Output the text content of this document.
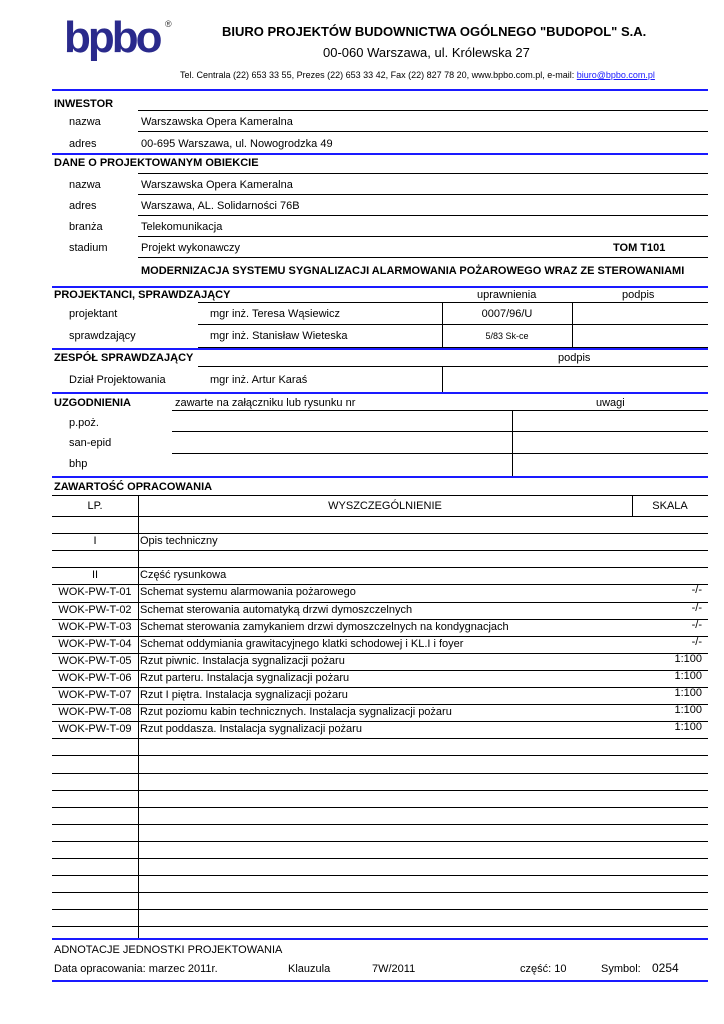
bpbo ®	BIURO PROJEKTÓW BUDOWNICTWA OGÓLNEGO "BUDOPOL" S.A.
00-060 Warszawa, ul. Królewska 27
Tel. Centrala (22) 653 33 55, Prezes (22) 653 33 42, Fax (22) 827 78 20, www.bpbo.com.pl, e-mail: biuro@bpbo.com.pl
INWESTOR
nazwa	Warszawska Opera Kameralna
adres	00-695 Warszawa, ul. Nowogrodzka 49
DANE O PROJEKTOWANYM OBIEKCIE
nazwa	Warszawska Opera Kameralna
adres	Warszawa, AL. Solidarności 76B
branża	Telekomunikacja
stadium	Projekt wykonawczy	TOM T101
MODERNIZACJA SYSTEMU SYGNALIZACJI ALARMOWANIA POŻAROWEGO WRAZ ZE STEROWANIAMI
PROJEKTANCI, SPRAWDZAJĄCY	uprawnienia	podpis
projektant	mgr inż. Teresa Wąsiewicz	0007/96/U
sprawdzający	mgr inż. Stanisław Wieteska	5/83 Sk-ce
ZESPÓŁ SPRAWDZAJĄCY	podpis
Dział Projektowania	mgr inż. Artur Karaś
UZGODNIENIA	zawarte na załączniku lub rysunku nr	uwagi
p.poż.
san-epid
bhp
ZAWARTOŚĆ OPRACOWANIA
LP.	WYSZCZEGÓLNIENIE	SKALA
I	Opis techniczny
II	Część rysunkowa
WOK-PW-T-01 Schemat systemu alarmowania pożarowego	-/-
WOK-PW-T-02 Schemat sterowania automatyką drzwi dymoszczelnych	-/-
WOK-PW-T-03 Schemat sterowania zamykaniem drzwi dymoszczelnych na kondygnacjach	-/-
WOK-PW-T-04 Schemat oddymiania grawitacyjnego klatki schodowej i KL.I i foyer	-/-
WOK-PW-T-05 Rzut piwnic. Instalacja sygnalizacji pożaru	1:100
WOK-PW-T-06 Rzut parteru. Instalacja sygnalizacji pożaru	1:100
WOK-PW-T-07 Rzut I piętra. Instalacja sygnalizacji pożaru	1:100
WOK-PW-T-08 Rzut poziomu kabin technicznych. Instalacja sygnalizacji pożaru	1:100
WOK-PW-T-09 Rzut poddasza. Instalacja sygnalizacji pożaru	1:100
ADNOTACJE JEDNOSTKI PROJEKTOWANIA
Data opracowania: marzec 2011r.	Klauzula	7W/2011	część: 10	Symbol: 0254
